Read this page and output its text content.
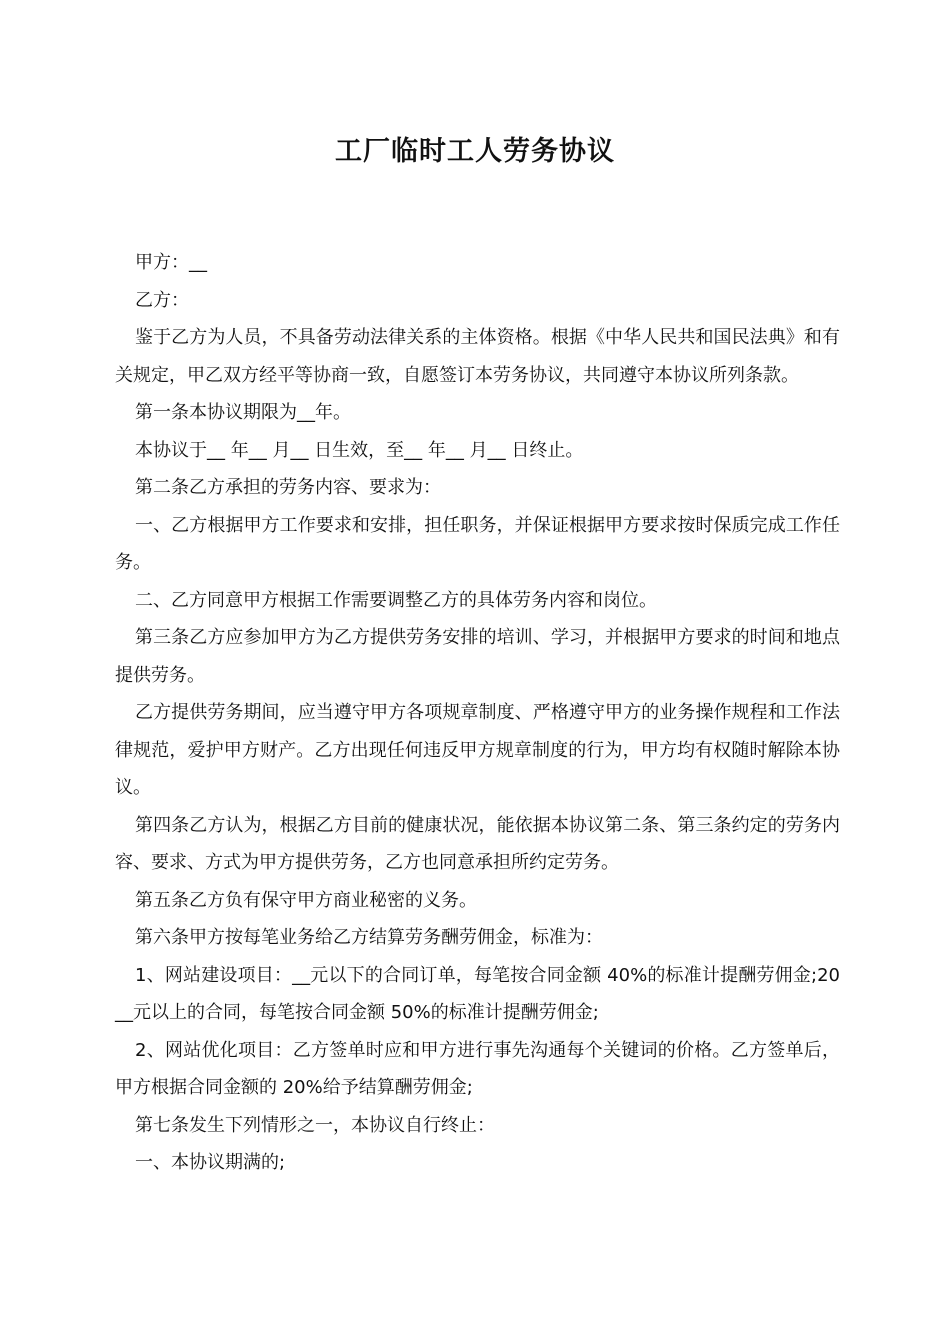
工厂临时工人劳务协议

甲方：__

乙方：

鉴于乙方为人员，不具备劳动法律关系的主体资格。根据《中华人民共和国民法典》和有关规定，甲乙双方经平等协商一致，自愿签订本劳务协议，共同遵守本协议所列条款。

第一条本协议期限为__年。

本协议于__ 年__ 月__ 日生效，至__ 年__ 月__ 日终止。

第二条乙方承担的劳务内容、要求为：

一、乙方根据甲方工作要求和安排，担任职务，并保证根据甲方要求按时保质完成工作任务。

二、乙方同意甲方根据工作需要调整乙方的具体劳务内容和岗位。

第三条乙方应参加甲方为乙方提供劳务安排的培训、学习，并根据甲方要求的时间和地点提供劳务。

乙方提供劳务期间，应当遵守甲方各项规章制度、严格遵守甲方的业务操作规程和工作法律规范，爱护甲方财产。乙方出现任何违反甲方规章制度的行为，甲方均有权随时解除本协议。

第四条乙方认为，根据乙方目前的健康状况，能依据本协议第二条、第三条约定的劳务内容、要求、方式为甲方提供劳务，乙方也同意承担所约定劳务。

第五条乙方负有保守甲方商业秘密的义务。

第六条甲方按每笔业务给乙方结算劳务酬劳佣金，标准为：

1、网站建设项目：__元以下的合同订单，每笔按合同金额 40%的标准计提酬劳佣金;20__元以上的合同，每笔按合同金额 50%的标准计提酬劳佣金;

2、网站优化项目：乙方签单时应和甲方进行事先沟通每个关键词的价格。乙方签单后，甲方根据合同金额的 20%给予结算酬劳佣金;

第七条发生下列情形之一，本协议自行终止：

一、本协议期满的;
